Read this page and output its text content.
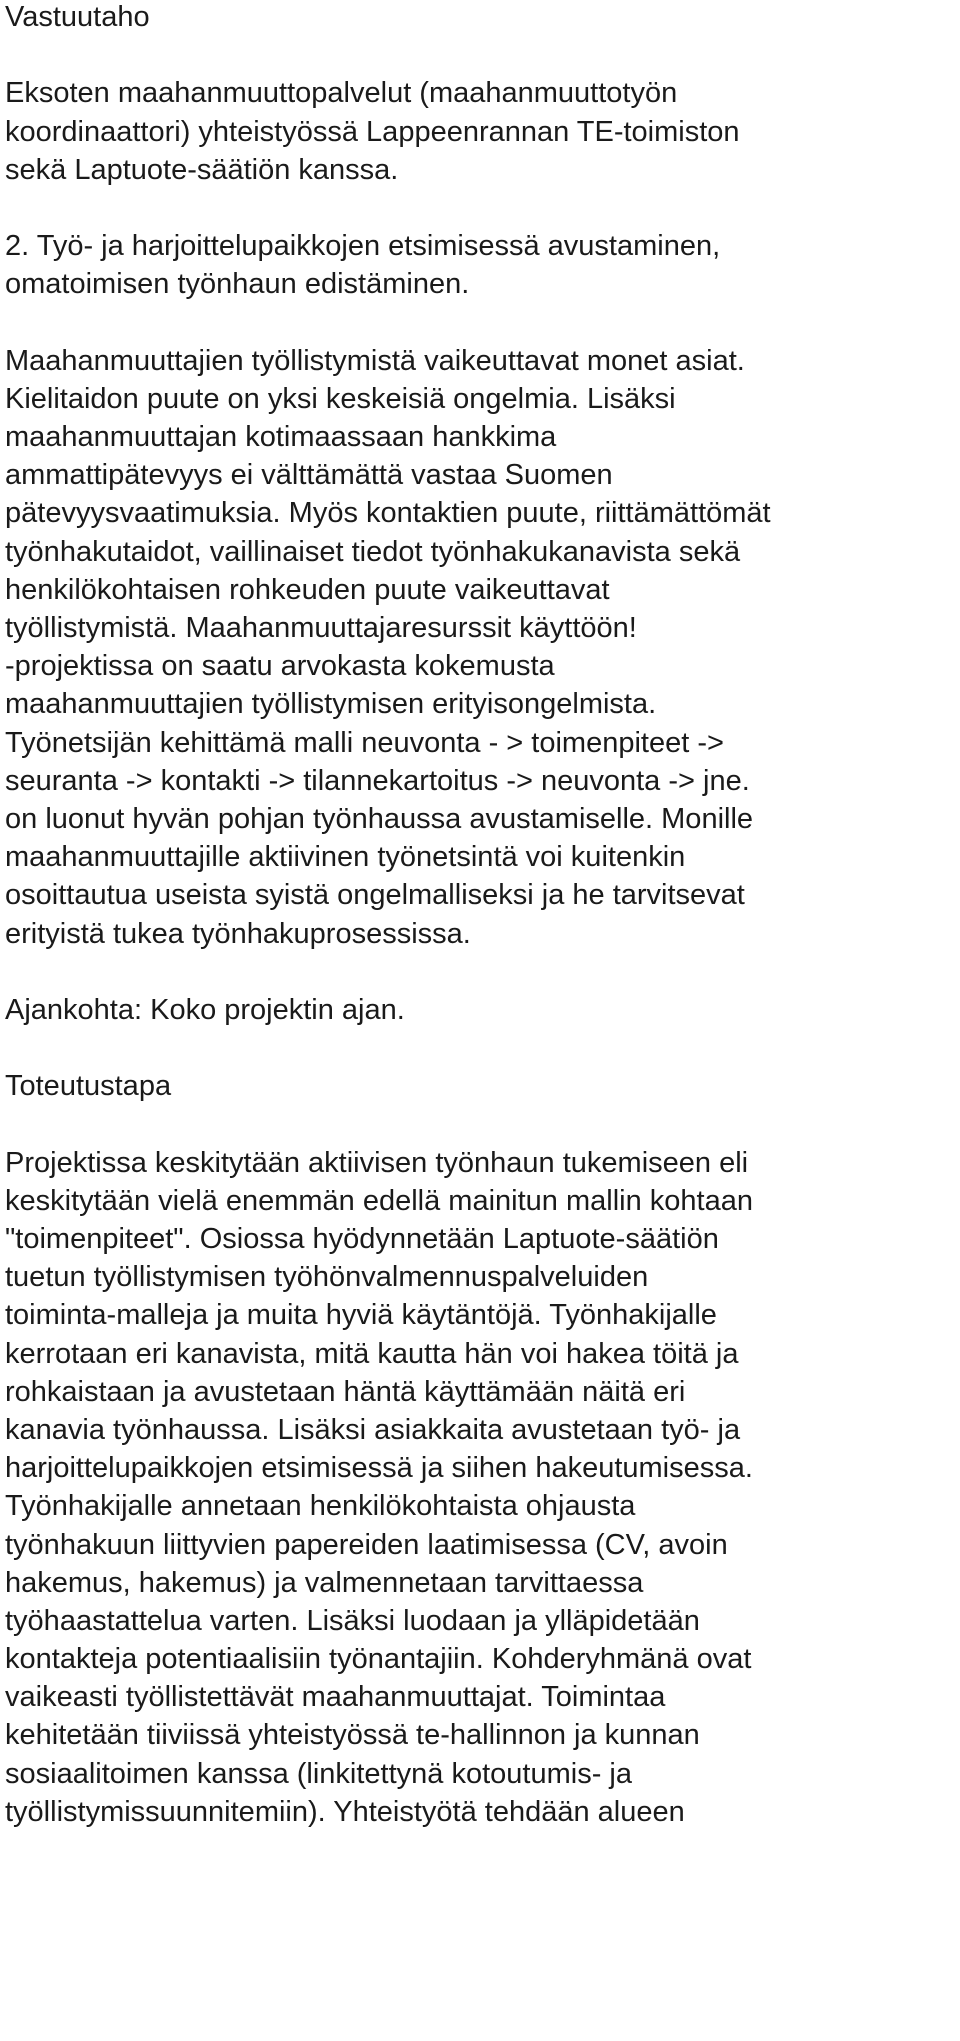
Vastuutaho
Eksoten maahanmuuttopalvelut (maahanmuuttotyön
koordinaattori) yhteistyössä Lappeenrannan TE-toimiston
sekä Laptuote-säätiön kanssa.
2. Työ- ja harjoittelupaikkojen etsimisessä avustaminen,
omatoimisen työnhaun edistäminen.
Maahanmuuttajien työllistymistä vaikeuttavat monet asiat.
Kielitaidon puute on yksi keskeisiä ongelmia. Lisäksi
maahanmuuttajan kotimaassaan hankkima
ammattipätevyys ei välttämättä vastaa Suomen
pätevyysvaatimuksia. Myös kontaktien puute, riittämättömät
työnhakutaidot, vaillinaiset tiedot työnhakukanavista sekä
henkilökohtaisen rohkeuden puute vaikeuttavat
työllistymistä. Maahanmuuttajaresurssit käyttöön!
-projektissa on saatu arvokasta kokemusta
maahanmuuttajien työllistymisen erityisongelmista.
Työnetsijän kehittämä malli neuvonta - > toimenpiteet ->
seuranta -> kontakti -> tilannekartoitus -> neuvonta -> jne.
on luonut hyvän pohjan työnhaussa avustamiselle. Monille
maahanmuuttajille aktiivinen työnetsintä voi kuitenkin
osoittautua useista syistä ongelmalliseksi ja he tarvitsevat
erityistä tukea työnhakuprosessissa.
Ajankohta: Koko projektin ajan.
Toteutustapa
Projektissa keskitytään aktiivisen työnhaun tukemiseen eli
keskitytään vielä enemmän edellä mainitun mallin kohtaan
"toimenpiteet". Osiossa hyödynnetään Laptuote-säätiön
tuetun työllistymisen työhönvalmennuspalveluiden
toiminta-malleja ja muita hyviä käytäntöjä. Työnhakijalle
kerrotaan eri kanavista, mitä kautta hän voi hakea töitä ja
rohkaistaan ja avustetaan häntä käyttämään näitä eri
kanavia työnhaussa. Lisäksi asiakkaita avustetaan työ- ja
harjoittelupaikkojen etsimisessä ja siihen hakeutumisessa.
Työnhakijalle annetaan henkilökohtaista ohjausta
työnhakuun liittyvien papereiden laatimisessa (CV, avoin
hakemus, hakemus) ja valmennetaan tarvittaessa
työhaastattelua varten. Lisäksi luodaan ja ylläpidetään
kontakteja potentiaalisiin työnantajiin. Kohderyhmänä ovat
vaikeasti työllistettävät maahanmuuttajat. Toimintaa
kehitetään tiiviissä yhteistyössä te-hallinnon ja kunnan
sosiaalitoimen kanssa (linkitettynä kotoutumis- ja
työllistymissuunnitemiin). Yhteistyötä tehdään alueen
